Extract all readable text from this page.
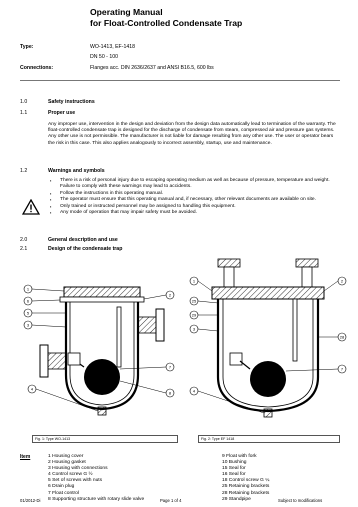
Operating Manual
for Float-Controlled Condensate Trap
Type:	WO-1413, EF-1418
DN 50 - 100
Connections:	Flanges acc. DIN 2636/2637 and ANSI B16.5, 600 lbs
1.0	Safety instructions
1.1	Proper use
Any improper use, intervention in the design and deviation from the design data automatically lead to termination of the warranty. The float-controlled condensate trap is designed for the discharge of condensate from steam, compressed air and pressure gas systems. Any other use is not permissible. The manufacturer is not liable for damage resulting from any other use. The user or operator bears the risk in this case. This also applies analogously to incorrect assembly, startup, use and maintenance.
1.2	Warnings and symbols
▪ There is a risk of personal injury due to escaping operating medium as well as because of pressure, temperature and weight. Failure to comply with these warnings may lead to accidents.
▪ Follow the instructions in this operating manual.
▪ The operator must ensure that this operating manual and, if necessary, other relevant documents are available on site.
▪ Only trained or instructed personnel may be assigned to handling this equipment.
▪ Any mode of operation that may impair safety must be avoided.
2.0	General description and use
2.1	Design of the condensate trap
1
6
5
3
4
2
7
8
Fig. 1: Type WO-1413
1
25
29
3
4
2
7
28
Fig. 2: Type EF 1418
Item	1 Housing cover
2 Housing gasket
3 Housing with connections
4 Control screw G ½
5 Set of screws with nuts
6 Drain plug
7 Float control
8 Supporting structure with rotary slide valve
9 Float with fork
10 Bushing
15 Seal for
16 Seal for
18 Control screw G ¼
25 Retaining brackets
28 Retaining brackets
29 Standpipe
01/2012-Di	Page 1 of 4	Subject to modifications
